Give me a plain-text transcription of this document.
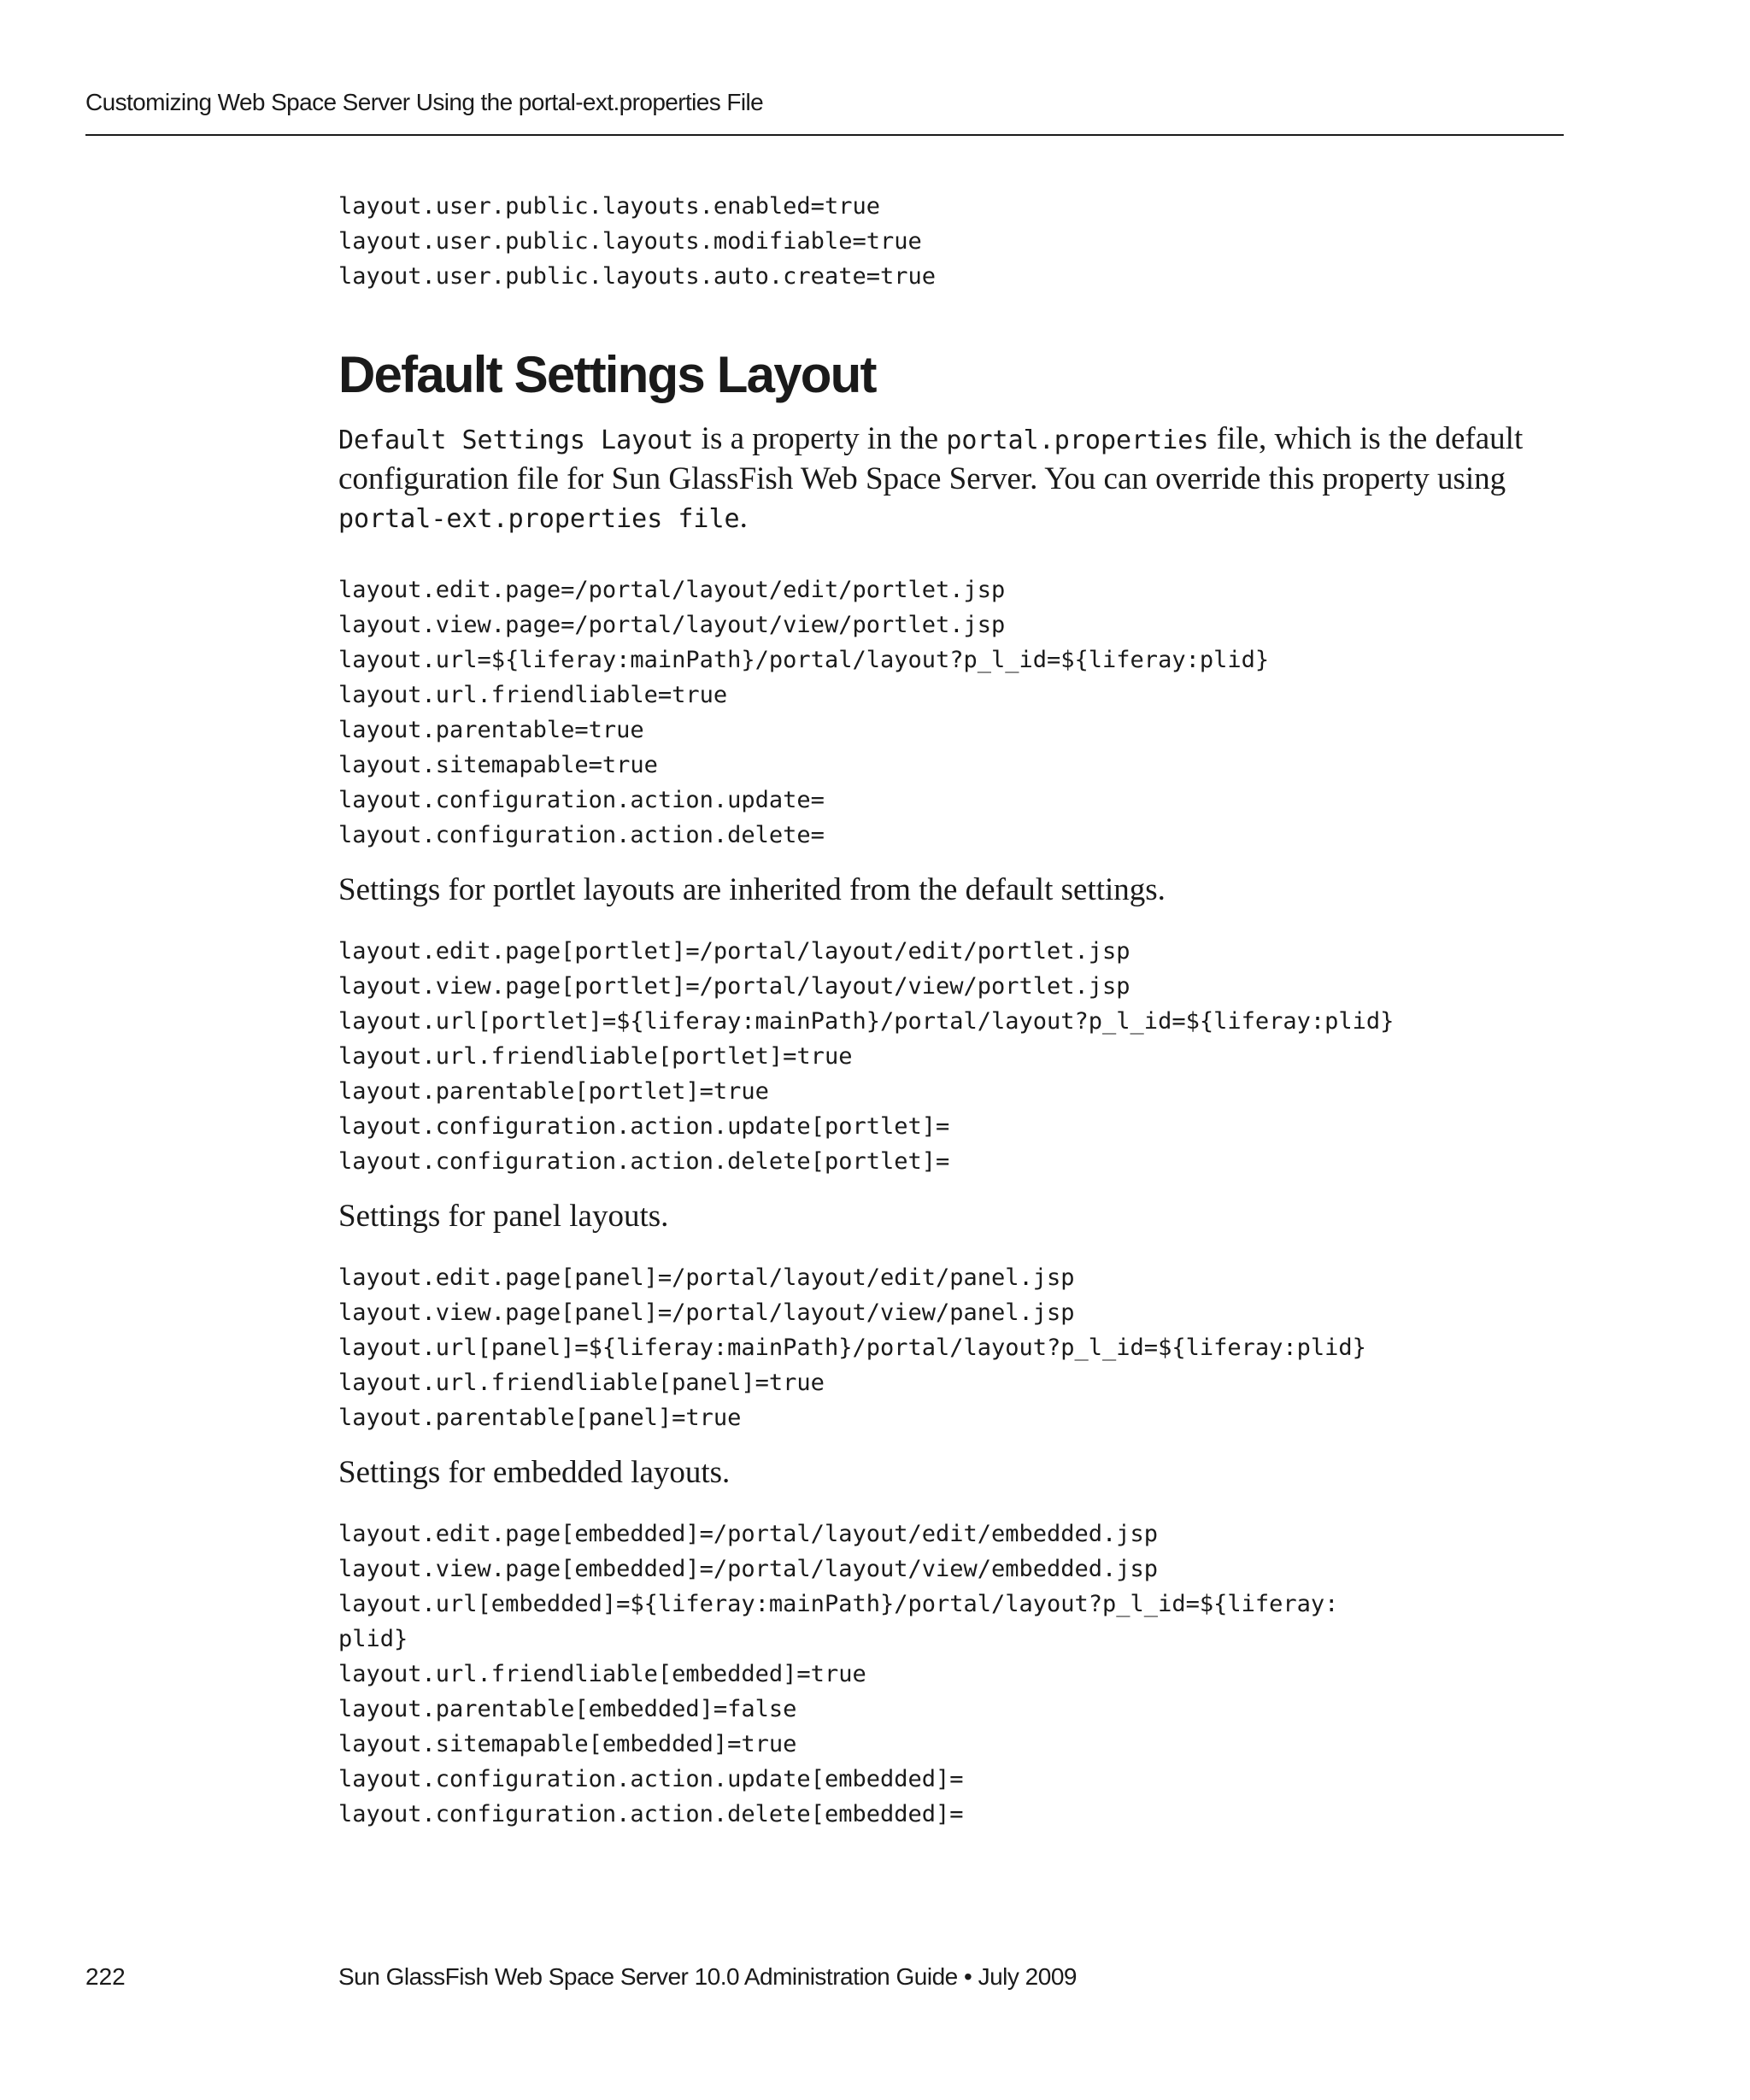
Customizing Web Space Server Using the portal-ext.properties File
layout.user.public.layouts.enabled=true
layout.user.public.layouts.modifiable=true
layout.user.public.layouts.auto.create=true
Default Settings Layout

Default Settings Layout is a property in the portal.properties file, which is the default configuration file for Sun GlassFish Web Space Server. You can override this property using portal-ext.properties file.

layout.edit.page=/portal/layout/edit/portlet.jsp
layout.view.page=/portal/layout/view/portlet.jsp
layout.url=${liferay:mainPath}/portal/layout?p_l_id=${liferay:plid}
layout.url.friendliable=true
layout.parentable=true
layout.sitemapable=true
layout.configuration.action.update=
layout.configuration.action.delete=

Settings for portlet layouts are inherited from the default settings.

layout.edit.page[portlet]=/portal/layout/edit/portlet.jsp
layout.view.page[portlet]=/portal/layout/view/portlet.jsp
layout.url[portlet]=${liferay:mainPath}/portal/layout?p_l_id=${liferay:plid}
layout.url.friendliable[portlet]=true
layout.parentable[portlet]=true
layout.configuration.action.update[portlet]=
layout.configuration.action.delete[portlet]=

Settings for panel layouts.

layout.edit.page[panel]=/portal/layout/edit/panel.jsp
layout.view.page[panel]=/portal/layout/view/panel.jsp
layout.url[panel]=${liferay:mainPath}/portal/layout?p_l_id=${liferay:plid}
layout.url.friendliable[panel]=true
layout.parentable[panel]=true

Settings for embedded layouts.

layout.edit.page[embedded]=/portal/layout/edit/embedded.jsp
layout.view.page[embedded]=/portal/layout/view/embedded.jsp
layout.url[embedded]=${liferay:mainPath}/portal/layout?p_l_id=${liferay:
plid}
layout.url.friendliable[embedded]=true
layout.parentable[embedded]=false
layout.sitemapable[embedded]=true
layout.configuration.action.update[embedded]=
layout.configuration.action.delete[embedded]=
222	Sun GlassFish Web Space Server 10.0 Administration Guide • July 2009
